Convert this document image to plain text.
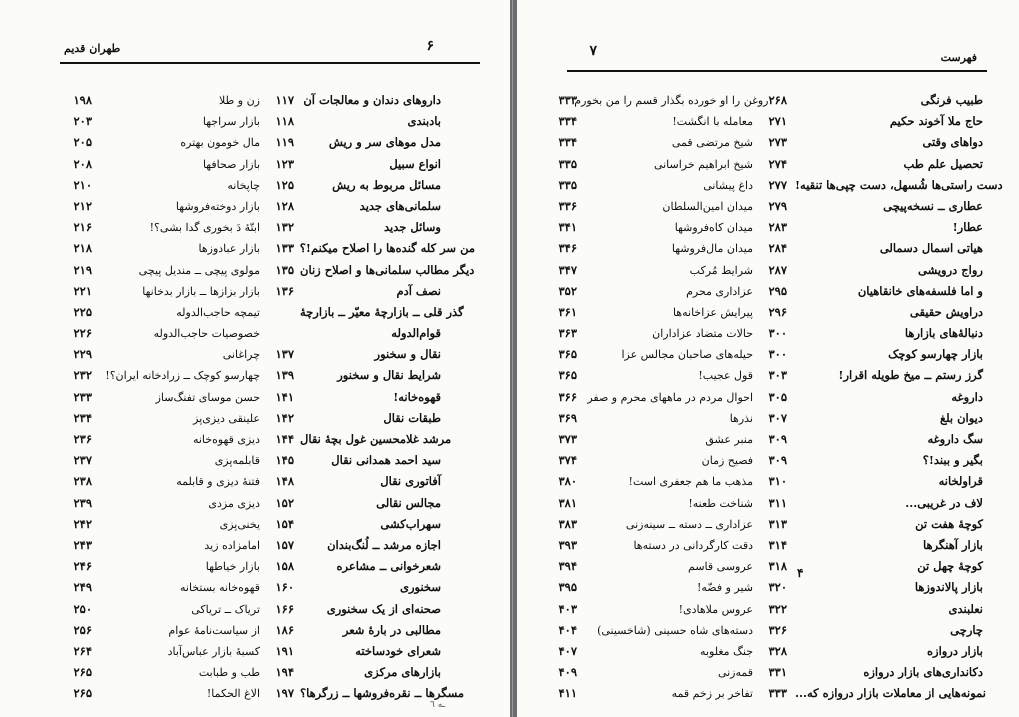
۶
طهران قدیم
دارو‌های دندان و معالجات آن
بادبندی
مدل مو‌های سر و ریش
انواع سبیل
مسائل مربوط به ریش
سلمانی‌های جدید
وسائل جدید
من سر کله گنده‌ها را اصلاح میکنم!؟
دیگر مطالب سلمانی‌ها و اصلاح زنان
نصف آدم
گذر قلی ــ بازارچهٔ معیّر ــ بازارچهٔ
قوام‌الدوله
نقال و سخنور
شرایط نقال و سخنور
قهوه‌خانه!
طبقات نقال
مرشد غلامحسین غول بچهٔ نقال
سید احمد همدانی نقال
آفاتوری نقال
مجالس نقالی
سهراب‌کشی
اجازه مرشد ــ لُنگ‌بندان
شعرخوانی ــ مشاعره
سخنوری
صحنه‌ای از یک سخنوری
مطالبی در بارهٔ شعر
شعرای خودساخته
بازارهای مرکزی
مسگرها ــ نقره‌فروشها ــ زرگرها؟
۱۱۷
زن و طلا
۱۱۸
بازار سراجها
۱۱۹
مال خومون بهتره
۱۲۳
بازار صحافها
۱۲۵
چاپخانه
۱۲۸
بازار دوخته‌فروشها
۱۳۲
ابتّهٔ دَ بخوری گدا بشی؟!
۱۳۳
بازار عبادوزها
۱۳۵
مولوی پیچی ــ مندیل پیچی
۱۳۶
بازار بزازها ــ بازار بدخانها
تیمچه حاجب‌الدوله
خصوصیات حاجب‌الدوله
۱۳۷
چراغانی
۱۳۹
چهارسو کوچک ــ زرادخانه ایران؟!
۱۴۱
حسن موسای تفنگ‌ساز
۱۴۲
علینقی دیزی‌پز
۱۴۴
دیزی قهوه‌خانه
۱۴۵
قابلمه‌پزی
۱۴۸
فتنهٔ دیزی و قابلمه
۱۵۲
دیزی مزدی
۱۵۴
یخنی‌پزی
۱۵۷
امامزاده زید
۱۵۸
بازار خیاطها
۱۶۰
قهوه‌خانه بستخانه
۱۶۶
تریاک ــ تریاکی
۱۸۶
از سیاست‌نامهٔ عوام
۱۹۱
کسبهٔ بازار عباس‌آباد
۱۹۴
طب و طبابت
۱۹۷
الاغ الحکما!
۱۹۸
۲۰۳
۲۰۵
۲۰۸
۲۱۰
۲۱۲
۲۱۶
۲۱۸
۲۱۹
۲۲۱
۲۲۵
۲۲۶
۲۲۹
۲۳۲
۲۳۳
۲۳۴
۲۳۶
۲۳۷
۲۳۸
۲۳۹
۲۴۲
۲۴۳
۲۴۶
۲۴۹
۲۵۰
۲۵۶
۲۶۴
۲۶۵
۲۶۵
ـه ٦
۷	فهرست
طبیب فرنگی
حاج ملا آخوند حکیم
دوا‌های وقتی
تحصیل علم طب
دست راستی‌ها شُسهل، دست چپی‌ها تنقیه!
عطاری ــ نسخه‌پیچی
عطار!
هیاتی اسمال دسمالی
رواج درویشی
و اما فلسفه‌های خانقاهیان
دراویش حقیقی
دنبالهٔ‌های بازارها
بازار چهارسو کوچک
گرز رستم ــ میخ طویله اقرار!
داروغه
دیوان بلغ
سگ داروغه
بگیر و ببند!؟
قراولخانه
لاف در غریبی...
کوچهٔ هفت تن
بازار آهنگرها
کوچهٔ چهل تن
بازار پالاندوزها
نعلبندی
چارچی
بازار دروازه
دکانداری‌های بازار دروازه
نمونه‌هایی از معاملات بازار دروازه که...
۲۶۸
روغن را او خورده بگذار قسم را من بخورم
۲۷۱
معامله با انگشت!
۲۷۳
شیخ مرتضی قمی
۲۷۴
شیخ ابراهیم خراسانی
۲۷۷
داغ پیشانی
۲۷۹
میدان امین‌السلطان
۲۸۳
میدان کاه‌فروشها
۲۸۴
میدان مال‌فروشها
۲۸۷
شرایط مُرکب
۲۹۵
عزاداری محرم
۲۹۶
پیرایش عزاخانه‌ها
۳۰۰
حالات متضاد عزاداران
۳۰۰
حیله‌های صاحبان مجالس عزا
۳۰۳
قول عجیب!
۳۰۵
احوال مردم در ماههای محرم و صفر
۳۰۷
نذرها
۳۰۹
منبر عشق
۳۰۹
فصیح زمان
۳۱۰
مذهب ما هم جعفری است!
۳۱۱
شناخت طعنه!
۳۱۳
عزاداری ــ دسته ــ سینه‌زنی
۳۱۴
دقت کارگردانی در دسته‌ها
۳۱۸
عروسی قاسم
۳۲۰
شیر و فضّه!
۳۲۲
عروس ملاهادی!
۳۲۶
دسته‌های شاه حسینی (شاخسینی)
۳۲۸
جنگ مغلوبه
۳۳۱
قمه‌زنی
۳۳۳
تفاخر بر زخم قمه
۳۳۳
۳۳۴
۳۳۴
۳۳۵
۳۳۵
۳۳۶
۳۴۱
۳۴۶
۳۴۷
۳۵۲
۳۶۱
۳۶۳
۳۶۵
۳۶۵
۳۶۶
۳۶۹
۳۷۳
۳۷۴
۳۸۰
۳۸۱
۳۸۳
۳۹۳
۳۹۴
۳۹۵
۴۰۳
۴۰۴
۴۰۷
۴۰۹
۴۱۱
۴
